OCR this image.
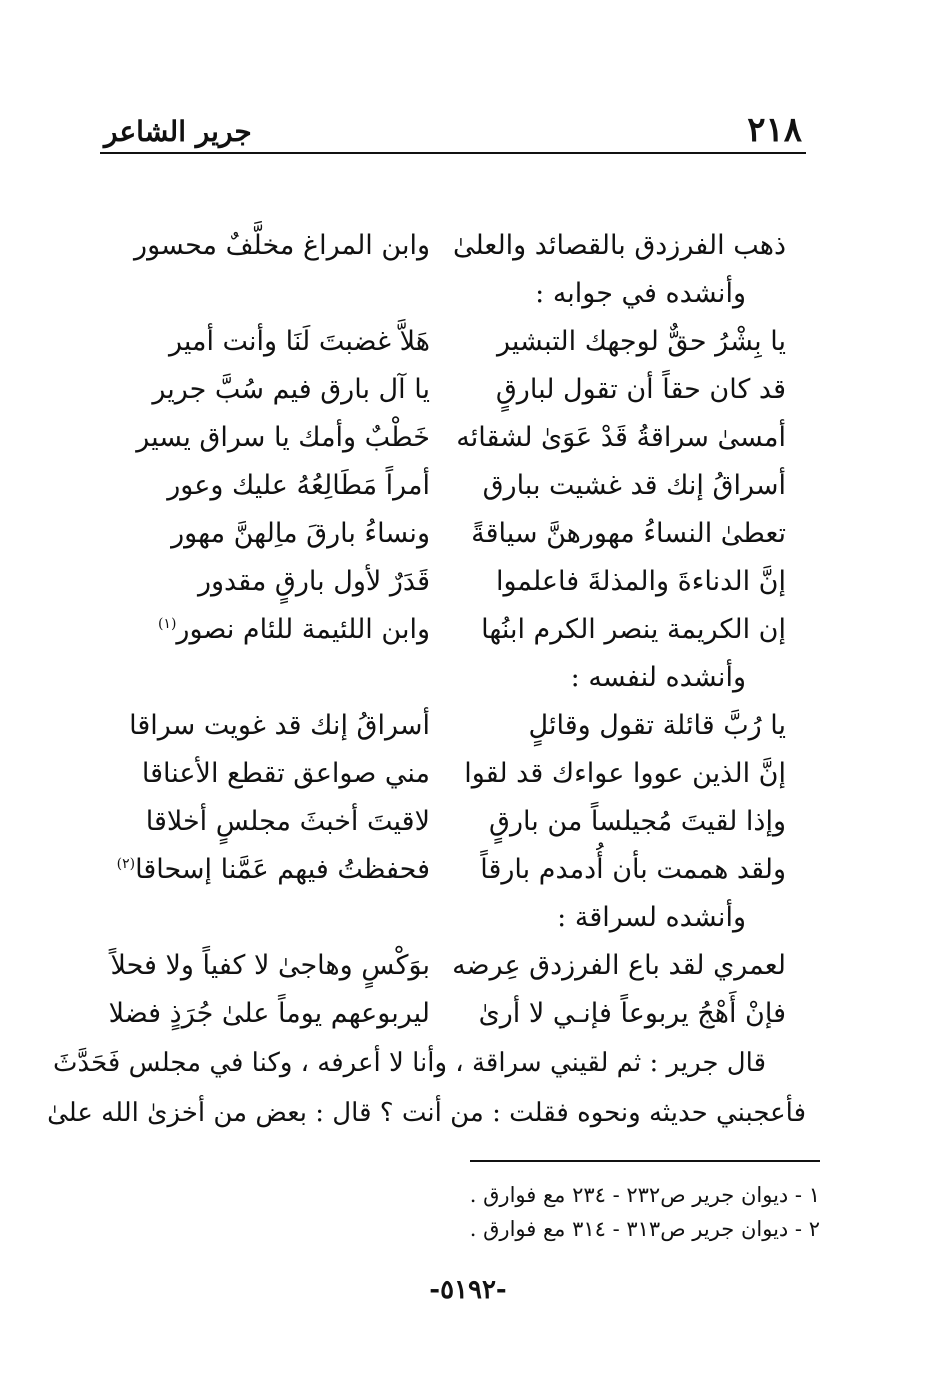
٢١٨
جرير الشاعر
ذهب الفرزدق بالقصائد والعلىٰ
وابن المراغ مخلَّفٌ محسور
وأنشده في جوابه :
يا بِشْرُ حقٌّ لوجهك التبشير
هَلاَّ غضبتَ لَنَا وأنت أمير
قد كان حقاً أن تقول لبارقٍ
يا آل بارق فيم سُبَّ جرير
أمسىٰ سراقةُ قَدْ عَوَىٰ لشقائه
خَطْبٌ وأمك يا سراق يسير
أسراقُ إنك قد غشيت ببارق
أمراً مَطَالِعُهُ عليك وعور
تعطىٰ النساءُ مهورهنَّ سياقةً
ونساءُ بارقَ ماِلهنَّ مهور
إنَّ الدناءةَ والمذلةَ فاعلموا
قَدَرٌ لأول بارقٍ مقدور
إن الكريمة ينصر الكرم ابنُها
وابن اللئيمة للئام نصور$^{(١)}$
وأنشده لنفسه :
يا رُبَّ قائلة تقول وقائلٍ
أسراقُ إنك قد غويت سراقا
إنَّ الذين عووا عواءك قد لقوا
مني صواعق تقطع الأعناقا
وإذا لقيتَ مُجيلساً من بارقٍ
لاقيتَ أخبثَ مجلسٍ أخلاقا
ولقد هممت بأن أُدمدم بارقاً
فحفظتُ فيهم عَمَّنا إسحاقا$^{(٢)}$
وأنشده لسراقة :
لعمري لقد باع الفرزدق عِرضه
بوَكْسٍ وهاجىٰ لا كفياً ولا فحلاً
فإنْ أَهْجُ يربوعاً فإنـي لا أرىٰ
ليربوعهم يوماً علىٰ جُرَذٍ فضلا

قال جرير : ثم لقيني سراقة ، وأنا لا أعرفه ، وكنا في مجلس فَحَدَّثَ

فأعجبني حديثه ونحوه فقلت : من أنت ؟ قال : بعض من أخزىٰ الله علىٰ

١ - ديوان جرير ص٢٣٢ - ٢٣٤ مع فوارق .
٢ - ديوان جرير ص٣١٣ - ٣١٤ مع فوارق .
-٥١٩٢-
